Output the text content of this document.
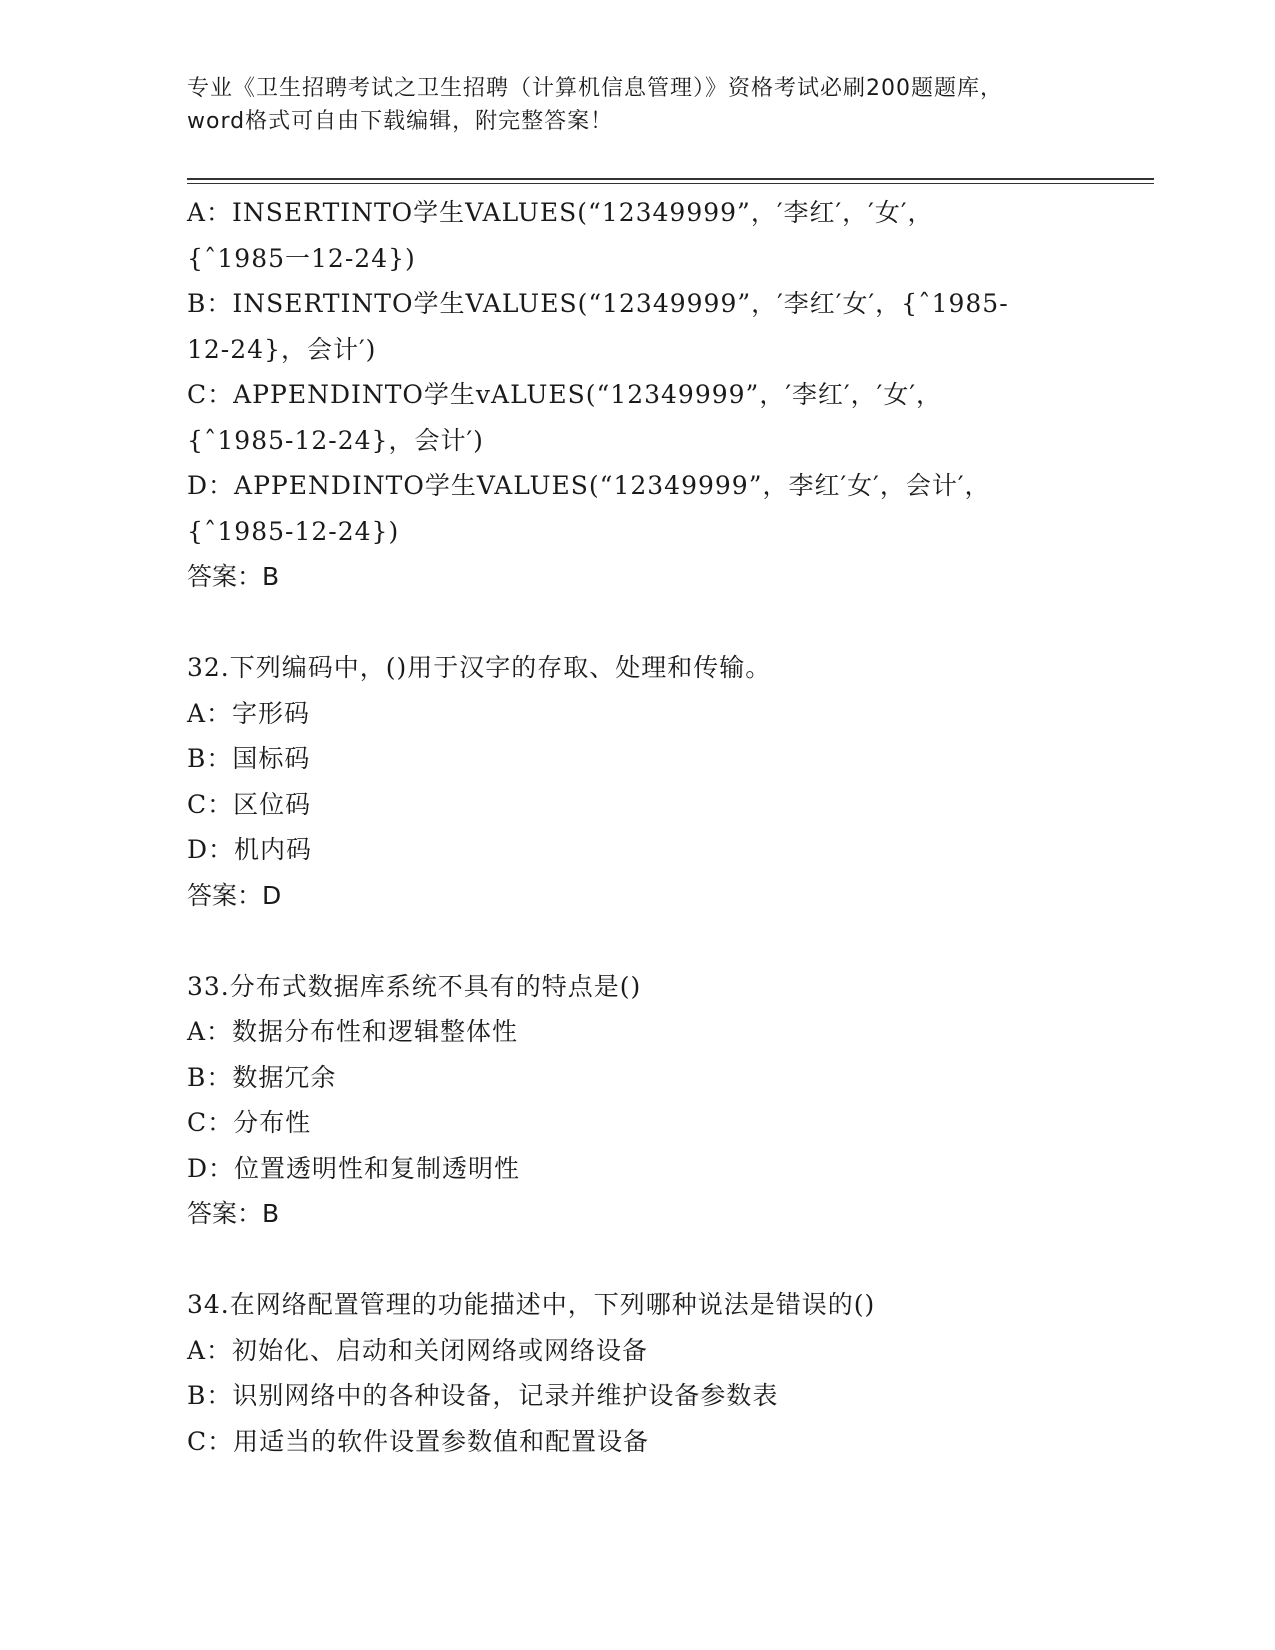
专业《卫生招聘考试之卫生招聘（计算机信息管理）》资格考试必刷200题题库，
word格式可自由下载编辑，附完整答案！
A：INSERTINTO学生VALUES(“12349999”，′李红′，′女′，
{ˆ1985一12-24})
B：INSERTINTO学生VALUES(“12349999”，′李红′女′，{ˆ1985-
12-24}，会计′)
C：APPENDINTO学生vALUES(“12349999”，′李红′，′女′，
{ˆ1985-12-24}，会计′)
D：APPENDINTO学生VALUES(“12349999”，李红′女′，会计′，
{ˆ1985-12-24})
答案：B
32.下列编码中，()用于汉字的存取、处理和传输。
A：字形码
B：国标码
C：区位码
D：机内码
答案：D
33.分布式数据库系统不具有的特点是()
A：数据分布性和逻辑整体性
B：数据冗余
C：分布性
D：位置透明性和复制透明性
答案：B
34.在网络配置管理的功能描述中，下列哪种说法是错误的()
A：初始化、启动和关闭网络或网络设备
B：识别网络中的各种设备，记录并维护设备参数表
C：用适当的软件设置参数值和配置设备
